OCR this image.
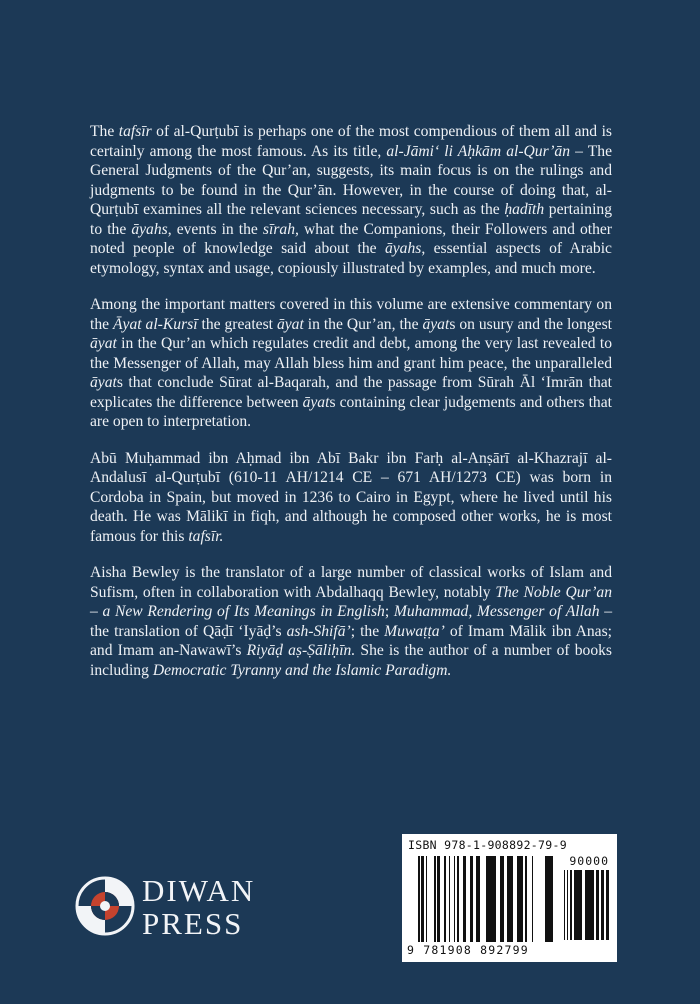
The tafsīr of al-Qurṭubī is perhaps one of the most compendious of them all and is certainly among the most famous. As its title, al-Jāmi‘ li Aḥkām al-Qur’ān – The General Judgments of the Qur’an, suggests, its main focus is on the rulings and judgments to be found in the Qur’ān. However, in the course of doing that, al-Qurṭubī examines all the relevant sciences necessary, such as the ḥadīth pertaining to the āyahs, events in the sīrah, what the Companions, their Followers and other noted people of knowledge said about the āyahs, essential aspects of Arabic etymology, syntax and usage, copiously illustrated by examples, and much more.

Among the important matters covered in this volume are extensive commentary on the Āyat al-Kursī the greatest āyat in the Qur’an, the āyats on usury and the longest āyat in the Qur’an which regulates credit and debt, among the very last revealed to the Messenger of Allah, may Allah bless him and grant him peace, the unparalleled āyats that conclude Sūrat al-Baqarah, and the passage from Sūrah Āl ‘Imrān that explicates the difference between āyats containing clear judgements and others that are open to interpretation.

Abū Muḥammad ibn Aḥmad ibn Abī Bakr ibn Farḥ al-Anṣārī al-Khazrajī al-Andalusī al-Qurṭubī (610-11 AH/1214 CE – 671 AH/1273 CE) was born in Cordoba in Spain, but moved in 1236 to Cairo in Egypt, where he lived until his death. He was Mālikī in fiqh, and although he composed other works, he is most famous for this tafsīr.

Aisha Bewley is the translator of a large number of classical works of Islam and Sufism, often in collaboration with Abdalhaqq Bewley, notably The Noble Qur’an – a New Rendering of Its Meanings in English; Muhammad, Messenger of Allah – the translation of Qāḍī ‘Iyāḍ’s ash-Shifā’; the Muwaṭṭa’ of Imam Mālik ibn Anas; and Imam an-Nawawī’s Riyāḍ aṣ-Ṣāliḥīn. She is the author of a number of books including Democratic Tyranny and the Islamic Paradigm.

DIWAN
PRESS
ISBN 978-1-908892-79-9
90000
9 781908 892799
